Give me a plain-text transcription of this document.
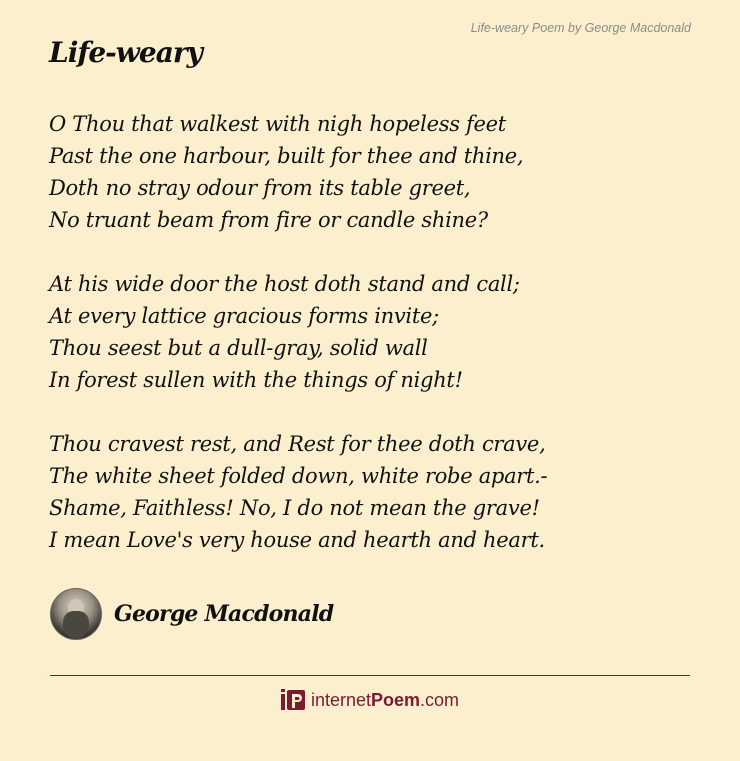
Life-weary Poem by George Macdonald
Life-weary
O Thou that walkest with nigh hopeless feet
Past the one harbour, built for thee and thine,
Doth no stray odour from its table greet,
No truant beam from fire or candle shine?
At his wide door the host doth stand and call;
At every lattice gracious forms invite;
Thou seest but a dull-gray, solid wall
In forest sullen with the things of night!
Thou cravest rest, and Rest for thee doth crave,
The white sheet folded down, white robe apart.-
Shame, Faithless! No, I do not mean the grave!
I mean Love's very house and hearth and heart.
George Macdonald
internetPoem.com
